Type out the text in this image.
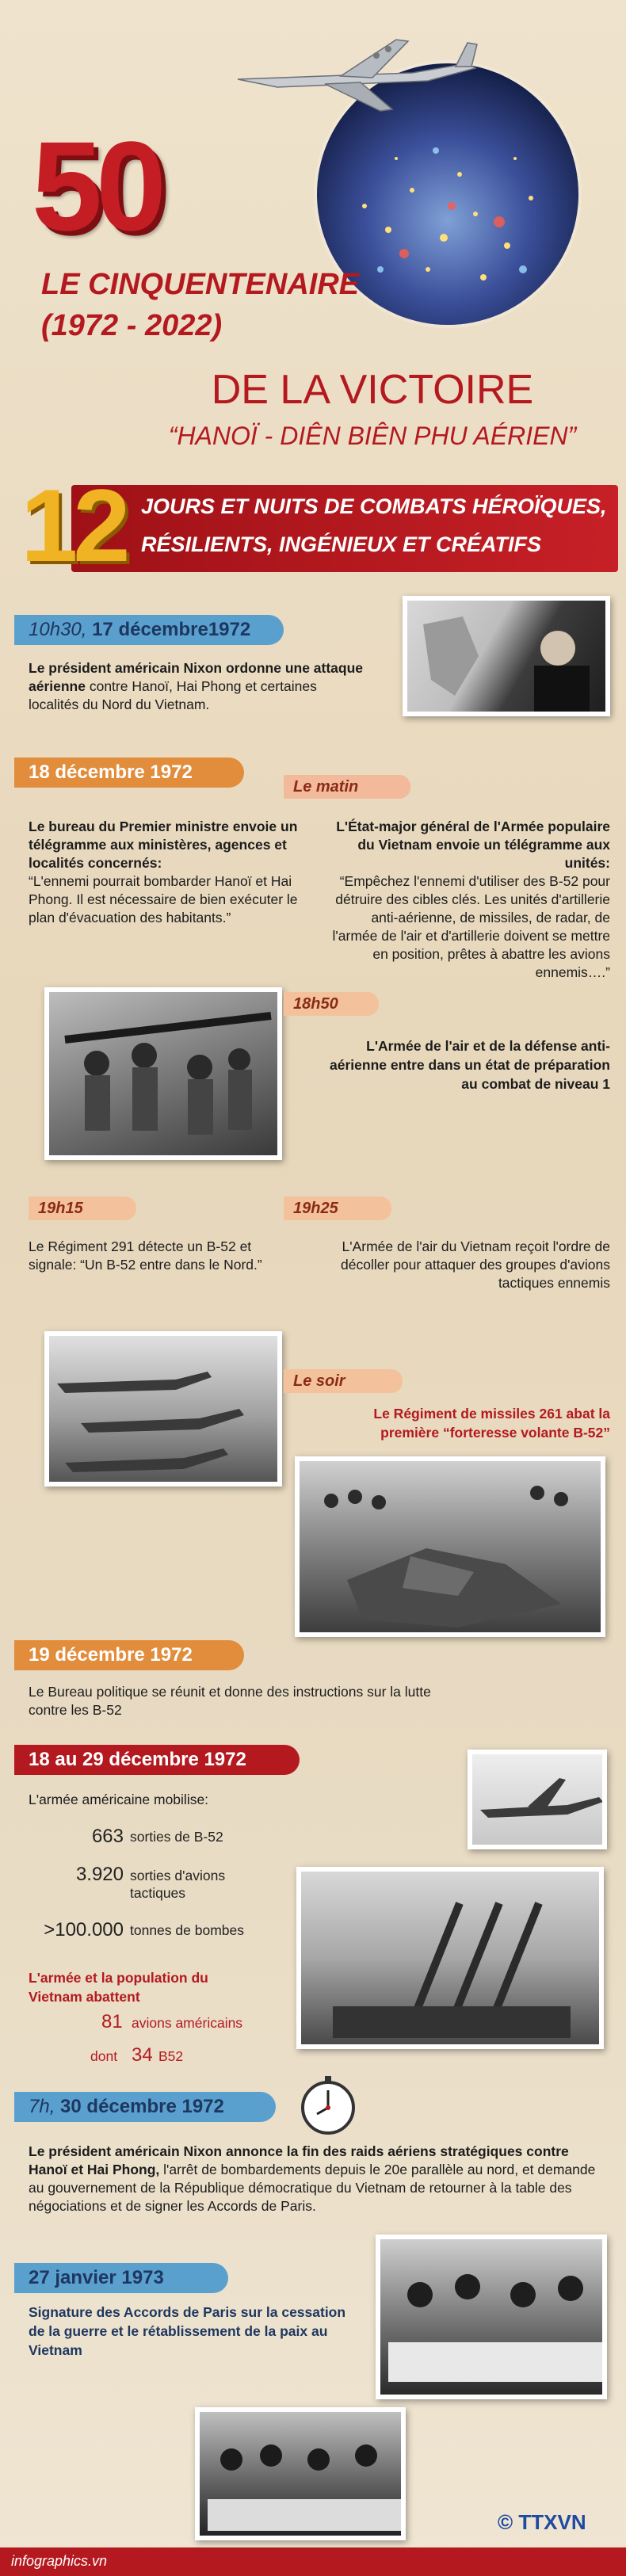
50
LE CINQUENTENAIRE
(1972 - 2022)
DE LA VICTOIRE
“HANOÏ - DIÊN BIÊN PHU AÉRIEN”
12 JOURS ET NUITS DE COMBATS HÉROÏQUES,
RÉSILIENTS, INGÉNIEUX ET CRÉATIFS
10h30, 17 décembre1972
Le président américain Nixon ordonne une attaque aérienne contre Hanoï, Hai Phong et certaines localités du Nord du Vietnam.
18 décembre 1972
Le matin
Le bureau du Premier ministre envoie un télégramme aux ministères, agences et localités concernés:
“L'ennemi pourrait bombarder Hanoï et Hai Phong. Il est nécessaire de bien exécuter le plan d'évacuation des habitants.”
L'État-major général de l'Armée populaire du Vietnam envoie un télégramme aux unités:
“Empêchez l'ennemi d'utiliser des B-52 pour détruire des cibles clés. Les unités d'artillerie anti-aérienne, de missiles, de radar, de l'armée de l'air et d'artillerie doivent se mettre en position, prêtes à abattre les avions ennemis….”
18h50
L'Armée de l'air et de la défense anti-aérienne entre dans un état de préparation au combat de niveau 1
19h15	19h25
Le Régiment 291 détecte un B-52 et signale: “Un B-52 entre dans le Nord.”
L'Armée de l'air du Vietnam reçoit l'ordre de décoller pour attaquer des groupes d'avions tactiques ennemis
Le soir
Le Régiment de missiles 261 abat la première “forteresse volante B-52”
19 décembre 1972
Le Bureau politique se réunit et donne des instructions sur la lutte contre les B-52
18 au 29 décembre 1972
L'armée américaine mobilise:
663 sorties de B-52
3.920 sorties d'avions tactiques
>100.000 tonnes de bombes
L'armée et la population du Vietnam abattent
81 avions américains
dont 34 B52
7h, 30 décembre 1972
Le président américain Nixon annonce la fin des raids aériens stratégiques contre Hanoï et Hai Phong, l'arrêt de bombardements depuis le 20e parallèle au nord, et demande au gouvernement de la République démocratique du Vietnam de retourner à la table des négociations et de signer les Accords de Paris.
27 janvier 1973
Signature des Accords de Paris sur la cessation de la guerre et le rétablissement de la paix au Vietnam
© TTXVN
infographics.vn
